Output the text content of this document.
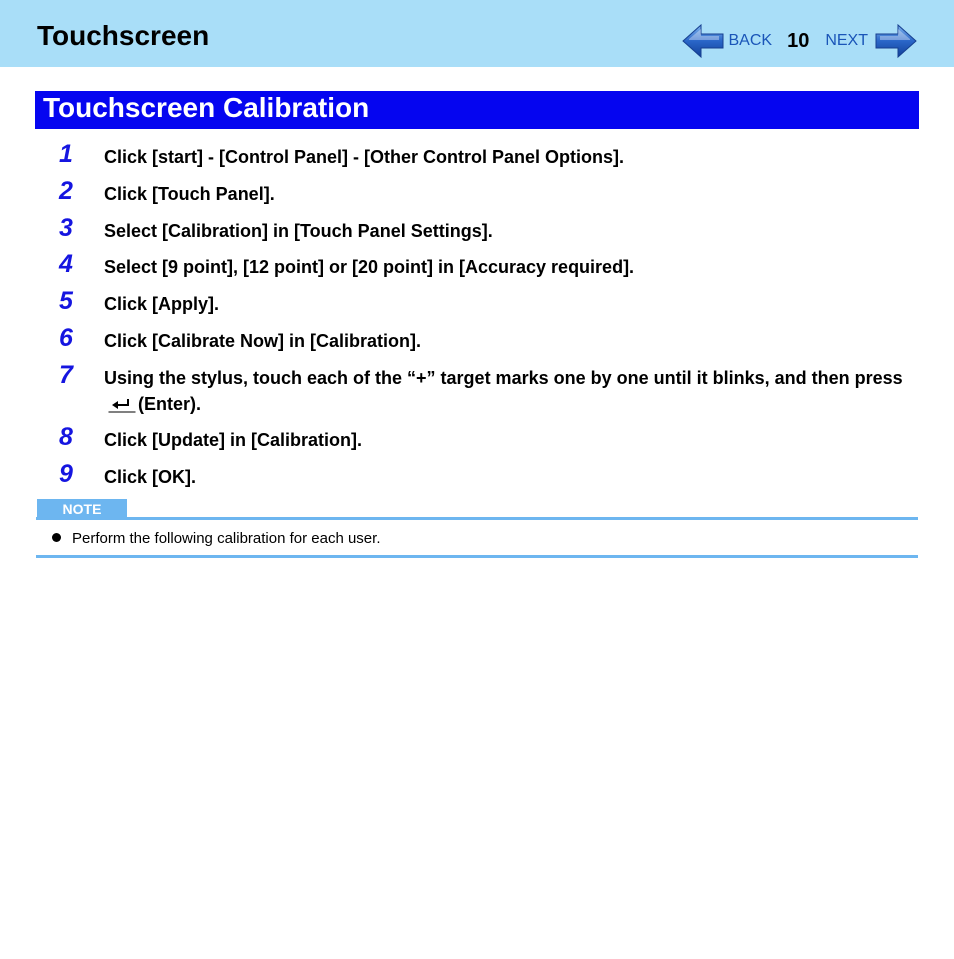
Touchscreen	BACK 10 NEXT
Touchscreen Calibration
1 Click [start] - [Control Panel] - [Other Control Panel Options].
2 Click [Touch Panel].
3 Select [Calibration] in [Touch Panel Settings].
4 Select [9 point], [12 point] or [20 point] in [Accuracy required].
5 Click [Apply].
6 Click [Calibrate Now] in [Calibration].
7 Using the stylus, touch each of the “+” target marks one by one until it blinks, and then press(Enter).
8 Click [Update] in [Calibration].
9 Click [OK].
NOTE
Perform the following calibration for each user.
